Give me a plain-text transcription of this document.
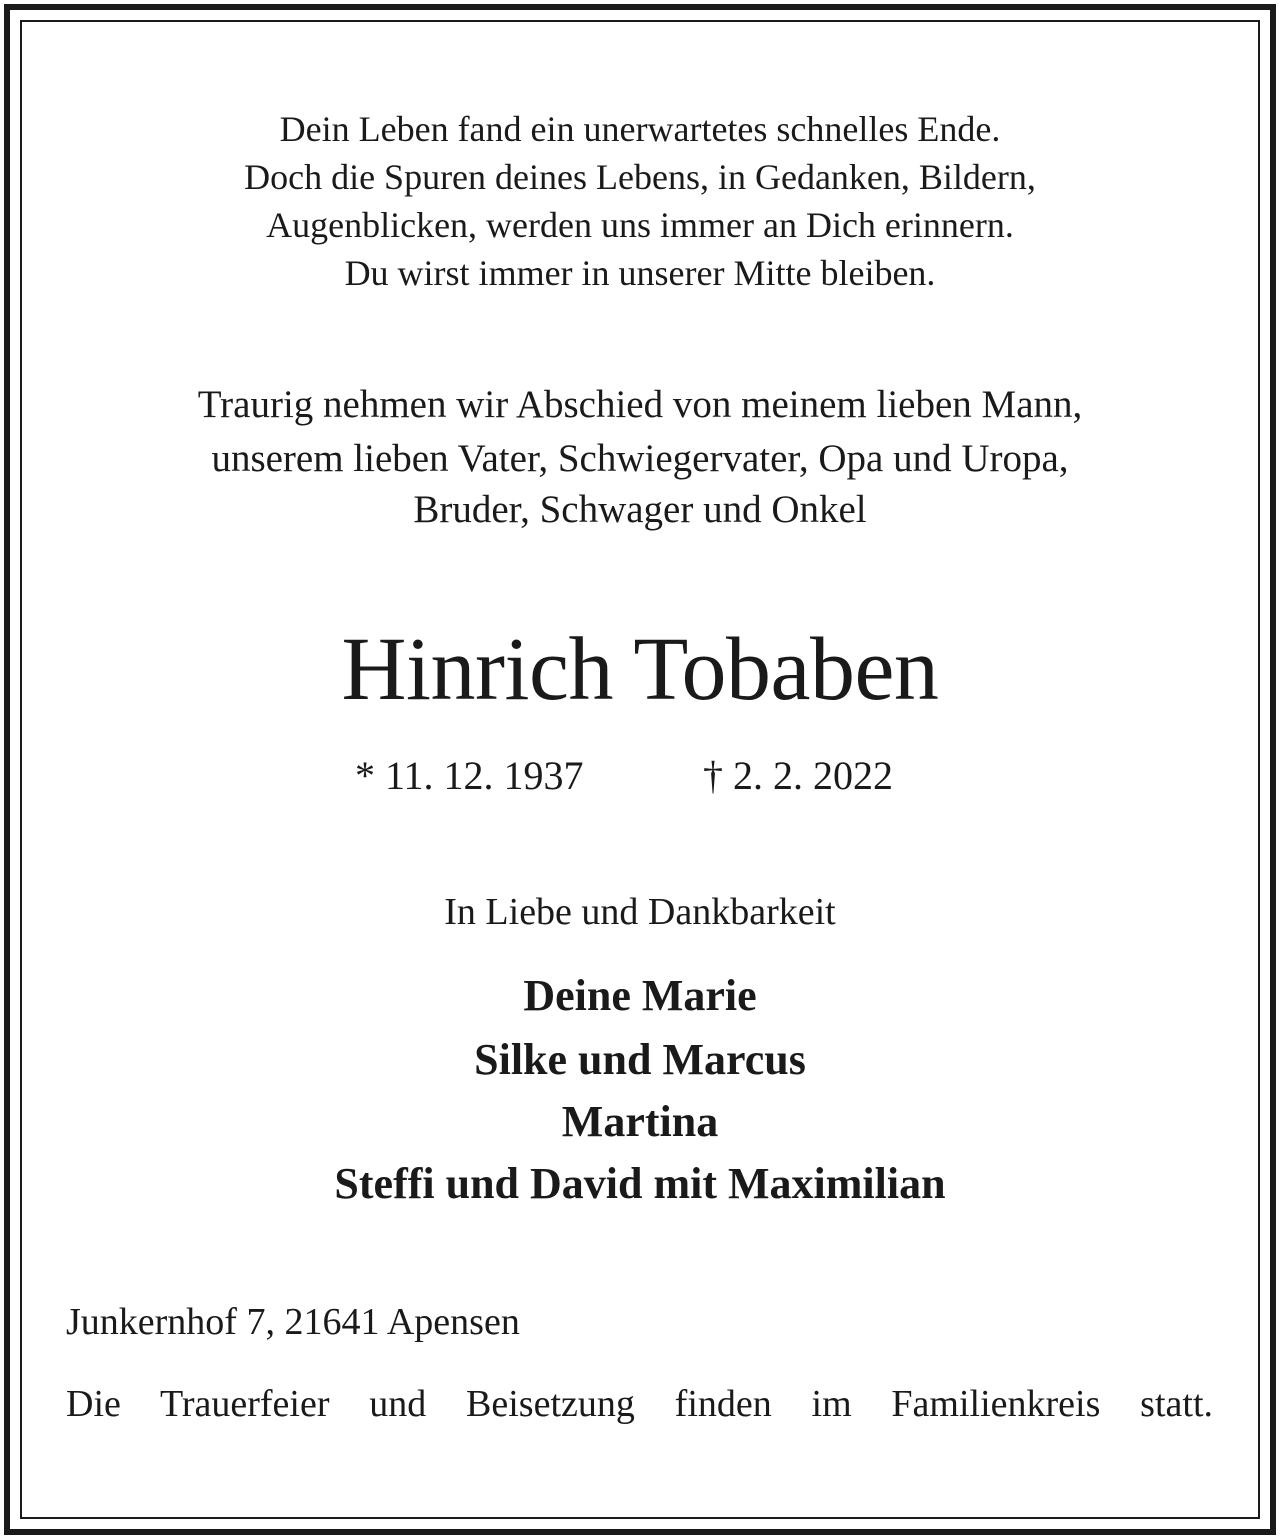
Dein Leben fand ein unerwartetes schnelles Ende.
Doch die Spuren deines Lebens, in Gedanken, Bildern,
Augenblicken, werden uns immer an Dich erinnern.
Du wirst immer in unserer Mitte bleiben.
Traurig nehmen wir Abschied von meinem lieben Mann,
unserem lieben Vater, Schwiegervater, Opa und Uropa,
Bruder, Schwager und Onkel
Hinrich Tobaben
* 11. 12. 1937	† 2. 2. 2022
In Liebe und Dankbarkeit
Deine Marie
Silke und Marcus
Martina
Steffi und David mit Maximilian
Junkernhof 7, 21641 Apensen
Die Trauerfeier und Beisetzung finden im Familienkreis statt.
